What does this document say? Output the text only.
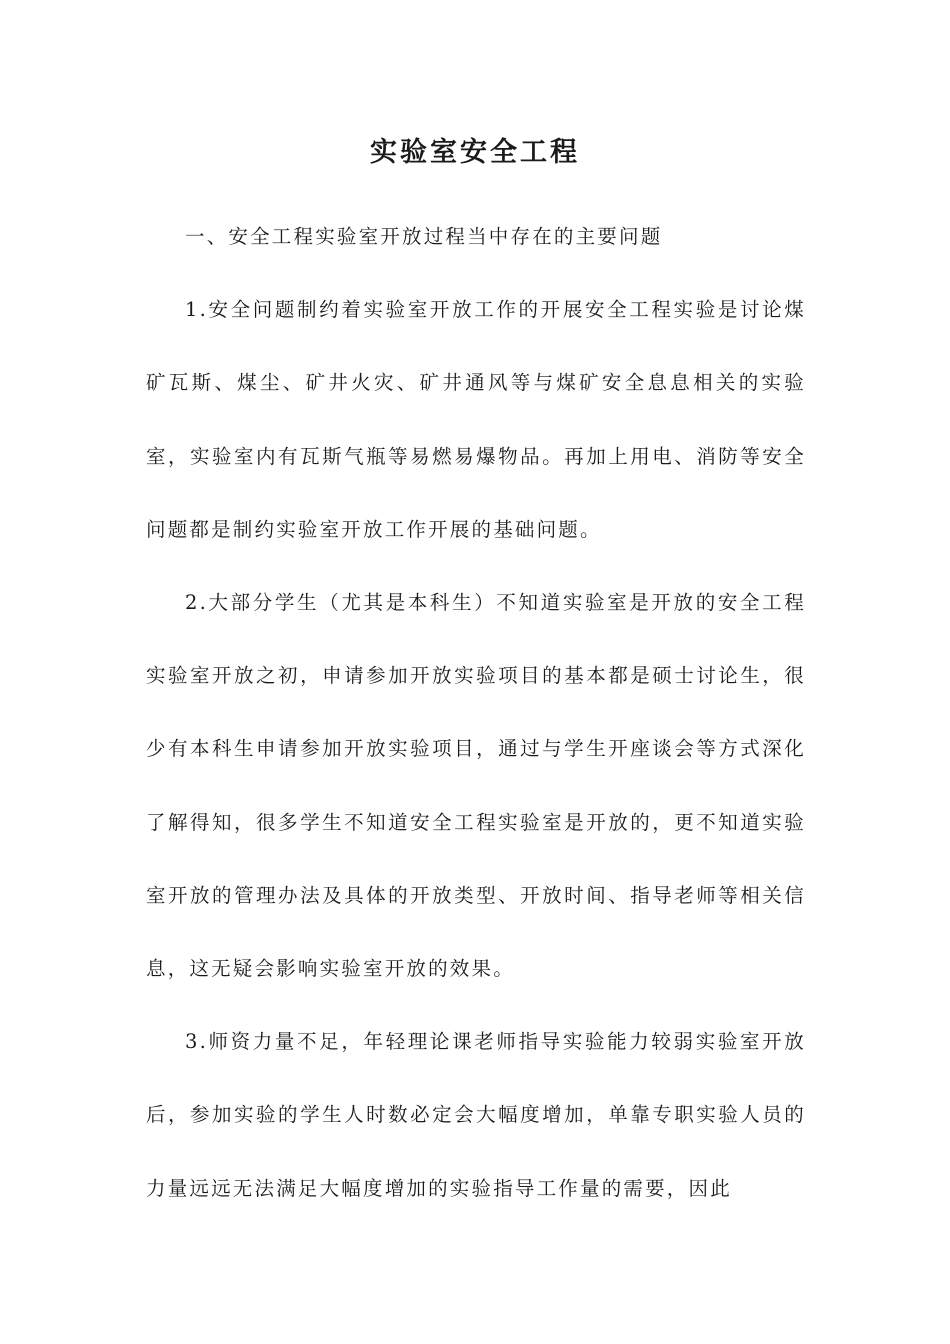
实验室安全工程

一、安全工程实验室开放过程当中存在的主要问题

1.安全问题制约着实验室开放工作的开展安全工程实验是讨论煤矿瓦斯、煤尘、矿井火灾、矿井通风等与煤矿安全息息相关的实验室，实验室内有瓦斯气瓶等易燃易爆物品。再加上用电、消防等安全问题都是制约实验室开放工作开展的基础问题。

2.大部分学生（尤其是本科生）不知道实验室是开放的安全工程实验室开放之初，申请参加开放实验项目的基本都是硕士讨论生，很少有本科生申请参加开放实验项目，通过与学生开座谈会等方式深化了解得知，很多学生不知道安全工程实验室是开放的，更不知道实验室开放的管理办法及具体的开放类型、开放时间、指导老师等相关信息，这无疑会影响实验室开放的效果。

3.师资力量不足，年轻理论课老师指导实验能力较弱实验室开放后，参加实验的学生人时数必定会大幅度增加，单靠专职实验人员的力量远远无法满足大幅度增加的实验指导工作量的需要，因此
